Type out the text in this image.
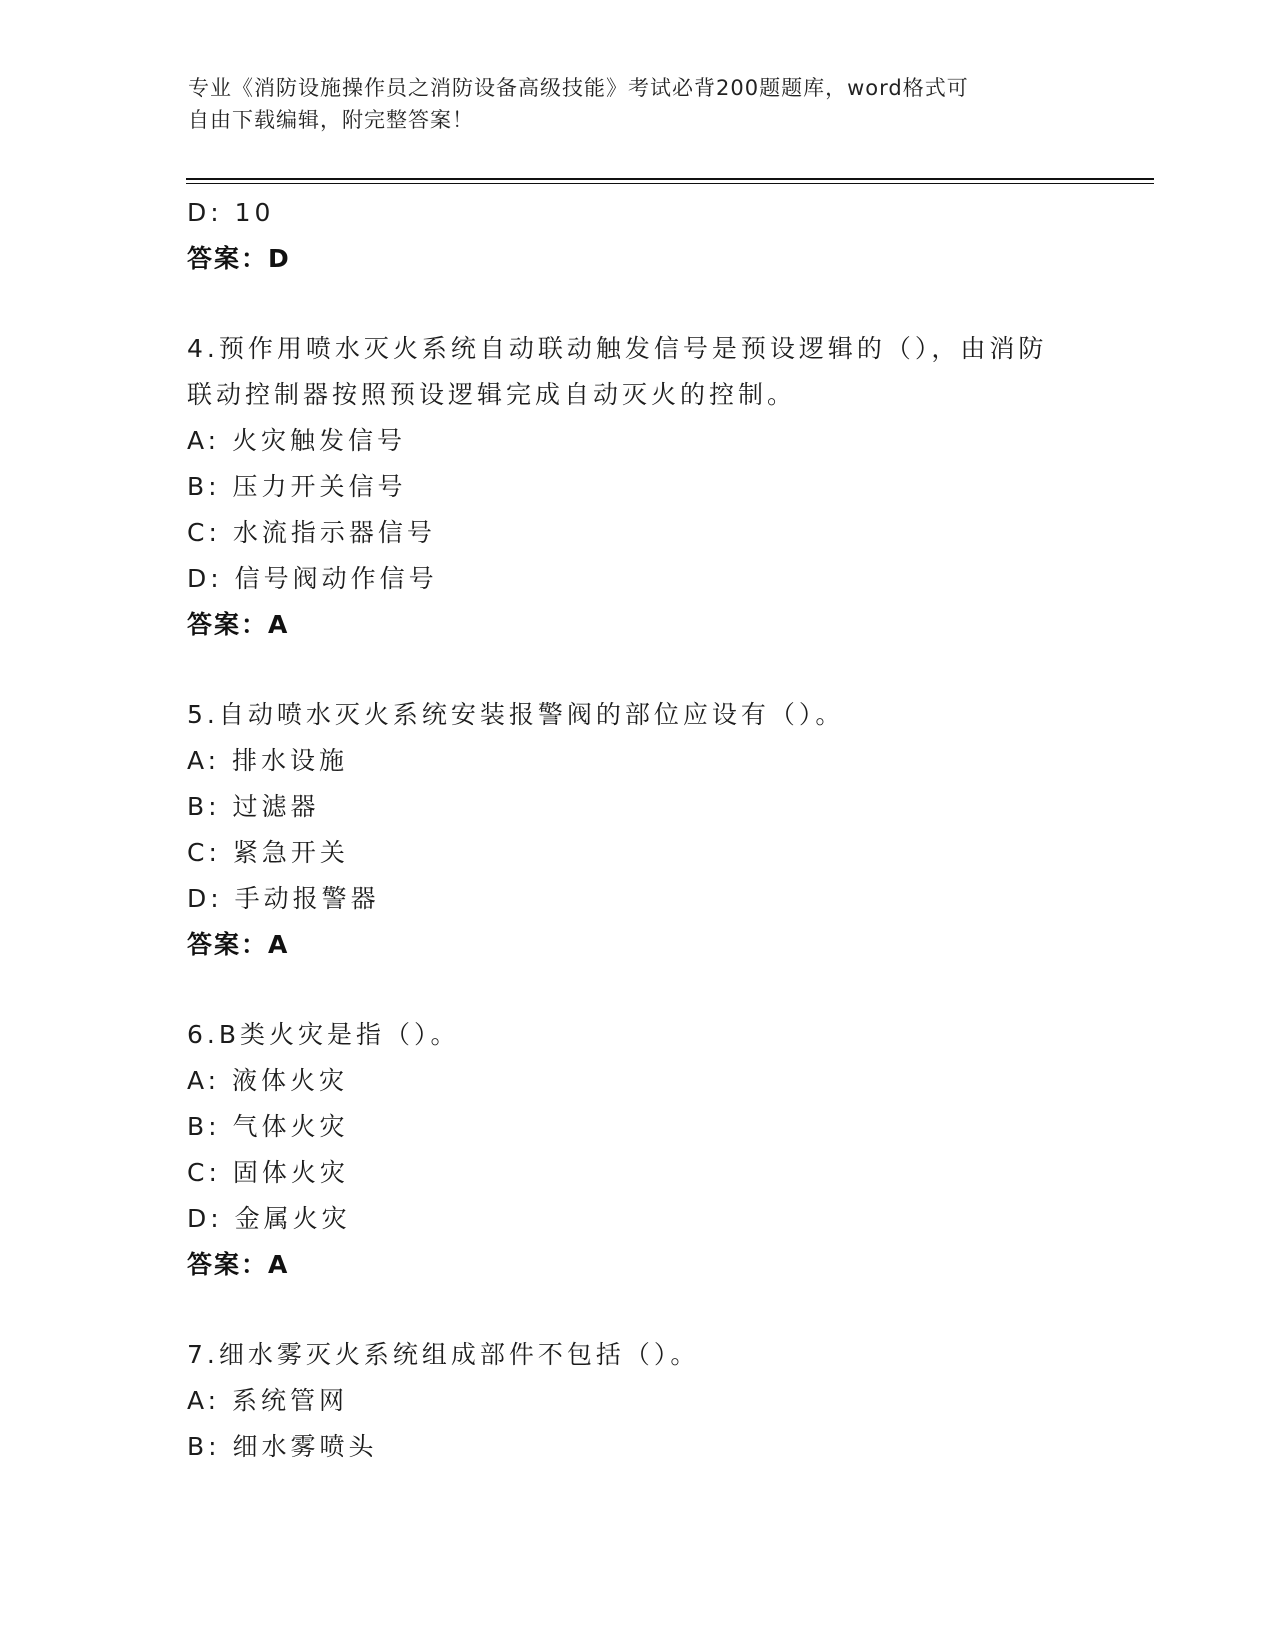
专业《消防设施操作员之消防设备高级技能》考试必背200题题库，word格式可
自由下载编辑，附完整答案！
D: 10
答案：D
4.预作用喷水灭火系统自动联动触发信号是预设逻辑的（），由消防
联动控制器按照预设逻辑完成自动灭火的控制。
A: 火灾触发信号
B: 压力开关信号
C: 水流指示器信号
D: 信号阀动作信号
答案：A
5.自动喷水灭火系统安装报警阀的部位应设有（）。
A: 排水设施
B: 过滤器
C: 紧急开关
D: 手动报警器
答案：A
6.B类火灾是指（）。
A: 液体火灾
B: 气体火灾
C: 固体火灾
D: 金属火灾
答案：A
7.细水雾灭火系统组成部件不包括（）。
A: 系统管网
B: 细水雾喷头
